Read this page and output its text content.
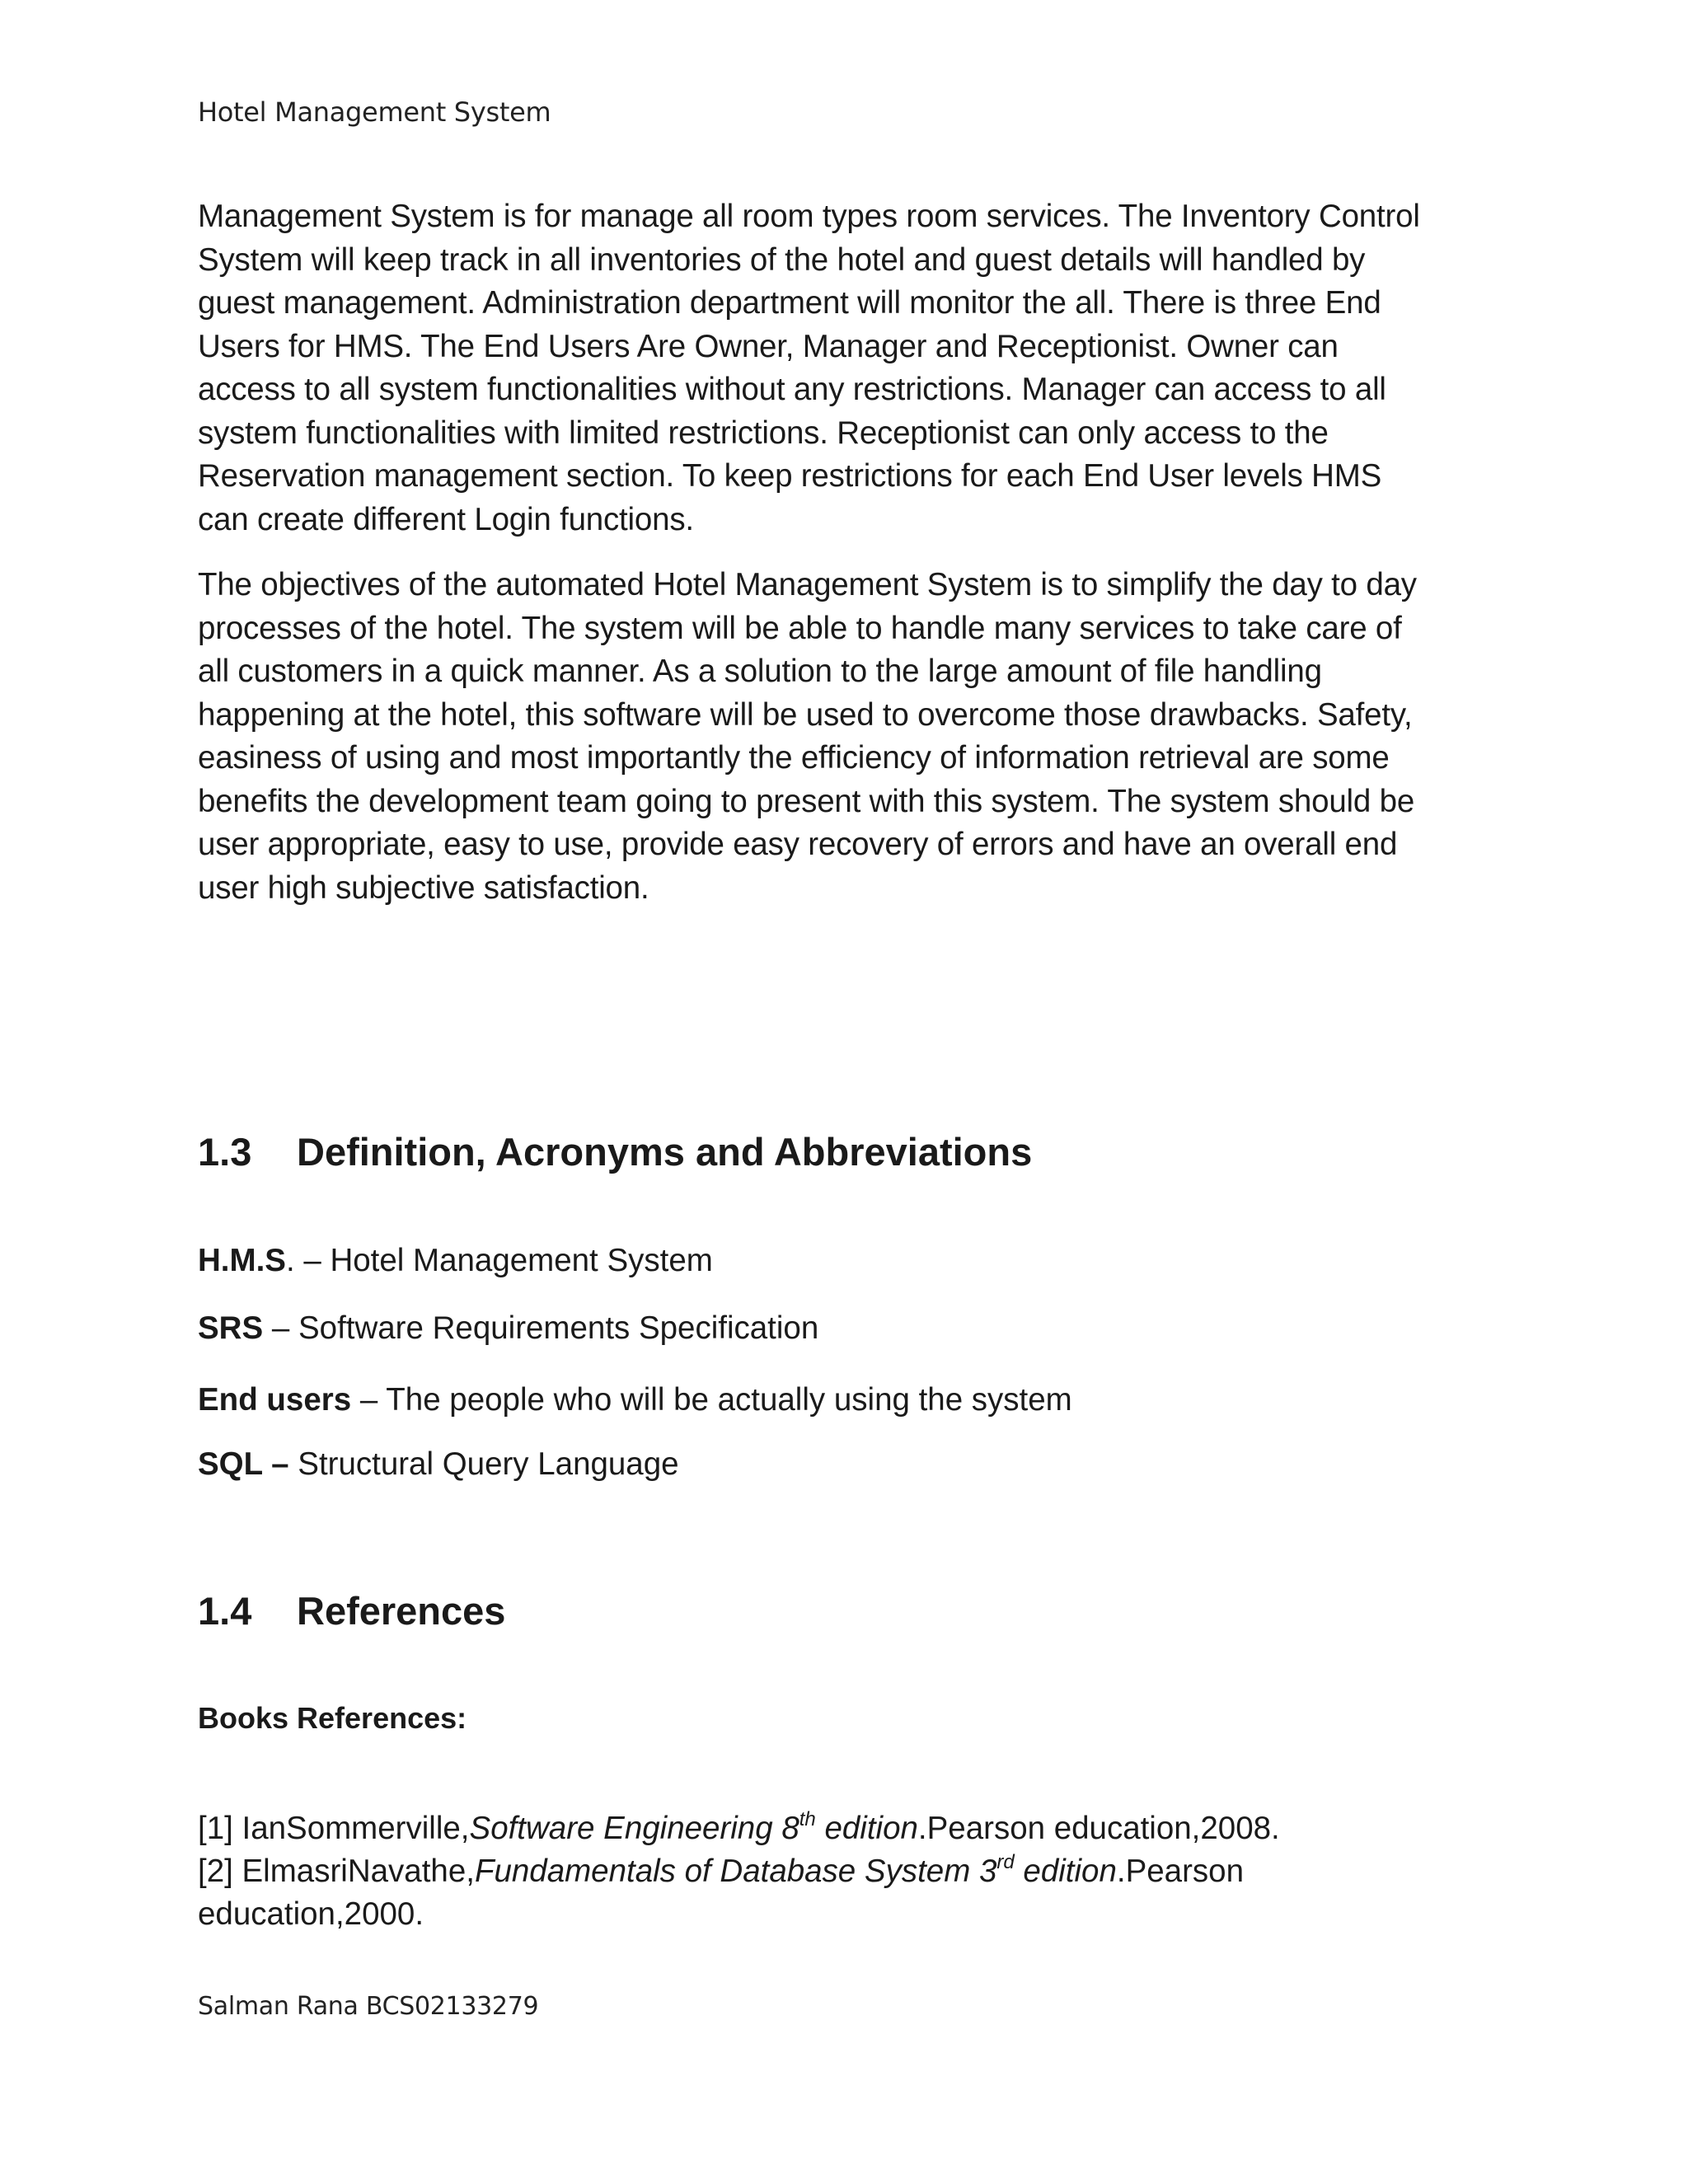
Hotel Management System

Management System is for manage all room types room services. The Inventory Control
System will keep track in all inventories of the hotel and guest details will handled by
guest management. Administration department will monitor the all. There is three End
Users for HMS. The End Users Are Owner, Manager and Receptionist. Owner can
access to all system functionalities without any restrictions. Manager can access to all
system functionalities with limited restrictions. Receptionist can only access to the
Reservation management section. To keep restrictions for each End User levels HMS
can create different Login functions.

The objectives of the automated Hotel Management System is to simplify the day to day
processes of the hotel. The system will be able to handle many services to take care of
all customers in a quick manner. As a solution to the large amount of file handling
happening at the hotel, this software will be used to overcome those drawbacks. Safety,
easiness of using and most importantly the efficiency of information retrieval are some
benefits the development team going to present with this system. The system should be
user appropriate, easy to use, provide easy recovery of errors and have an overall end
user high subjective satisfaction.

1.3 Definition, Acronyms and Abbreviations

H.M.S. – Hotel Management System

SRS – Software Requirements Specification

End users – The people who will be actually using the system

SQL – Structural Query Language

1.4 References

Books References:

[1] IanSommerville,Software Engineering 8th edition.Pearson education,2008.
[2] ElmasriNavathe,Fundamentals of Database System 3rd edition.Pearson
education,2000.

Salman Rana BCS02133279
